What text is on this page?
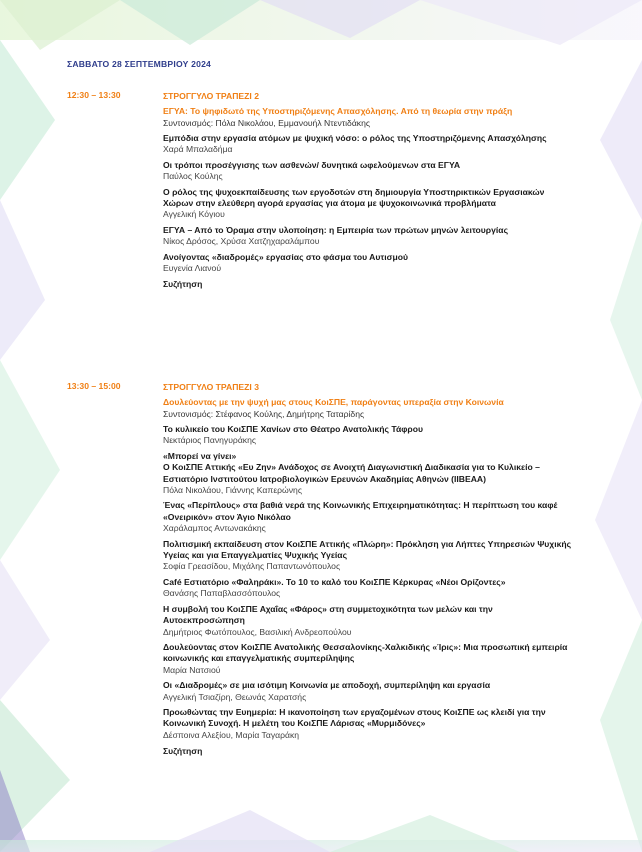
ΣΑΒΒΑΤΟ 28 ΣΕΠΤΕΜΒΡΙΟΥ 2024
12:30 – 13:30	ΣΤΡΟΓΓΥΛΟ ΤΡΑΠΕΖΙ 2
ΕΓΥΑ: Το ψηφιδωτό της Υποστηριζόμενης Απασχόλησης. Από τη θεωρία στην πράξη
Συντονισμός: Πόλα Νικολάου, Εμμανουήλ Ντεντιδάκης
Εμπόδια στην εργασία ατόμων με ψυχική νόσο: ο ρόλος της Υποστηριζόμενης Απασχόλησης
Χαρά Μπαλαδήμα
Οι τρόποι προσέγγισης των ασθενών/ δυνητικά ωφελούμενων στα ΕΓΥΑ
Παύλος Κούλης
Ο ρόλος της ψυχοεκπαίδευσης των εργοδοτών στη δημιουργία Υποστηρικτικών Εργασιακών Χώρων στην ελεύθερη αγορά εργασίας για άτομα με ψυχοκοινωνικά προβλήματα
Αγγελική Κόγιου
ΕΓΥΑ – Από το Όραμα στην υλοποίηση: η Εμπειρία των πρώτων μηνών λειτουργίας
Νίκος Δρόσος, Χρύσα Χατζηχαραλάμπου
Ανοίγοντας «διαδρομές» εργασίας στο φάσμα του Αυτισμού
Ευγενία Λιανού
Συζήτηση
13:30 – 15:00	ΣΤΡΟΓΓΥΛΟ ΤΡΑΠΕΖΙ 3
Δουλεύοντας με την ψυχή μας στους ΚοιΣΠΕ, παράγοντας υπεραξία στην Κοινωνία
Συντονισμός: Στέφανος Κούλης, Δημήτρης Ταταρίδης
Το κυλικείο του ΚοιΣΠΕ Χανίων στο Θέατρο Ανατολικής Τάφρου
Νεκτάριος Πανηγυράκης
«Μπορεί να γίνει»
Ο ΚοιΣΠΕ Αττικής «Ευ Ζην» Ανάδοχος σε Ανοιχτή Διαγωνιστική Διαδικασία για το Κυλικείο – Εστιατόριο Ινστιτούτου Ιατροβιολογικών Ερευνών Ακαδημίας Αθηνών (ΙΙΒΕΑΑ)
Πόλα Νικολάου, Γιάννης Καπερώνης
Ένας «Περίπλους» στα βαθιά νερά της Κοινωνικής Επιχειρηματικότητας: Η περίπτωση του καφέ «Ονειρικόν» στον Άγιο Νικόλαο
Χαράλαμπος Αντωνακάκης
Πολιτισμική εκπαίδευση στον ΚοιΣΠΕ Αττικής «Πλώρη»: Πρόκληση για Λήπτες Υπηρεσιών Ψυχικής Υγείας και για Επαγγελματίες Ψυχικής Υγείας
Σοφία Γρεασίδου, Μιχάλης Παπαντωνόπουλος
Café Εστιατόριο «Φαληράκι». Το 10 το καλό του ΚοιΣΠΕ Κέρκυρας «Νέοι Ορίζοντες»
Θανάσης Παπαβλασσόπουλος
Η συμβολή του ΚοιΣΠΕ Αχαΐας «Φάρος» στη συμμετοχικότητα των μελών και την Αυτοεκπροσώπηση
Δημήτριος Φωτόπουλος, Βασιλική Ανδρεοπούλου
Δουλεύοντας στον ΚοιΣΠΕ Ανατολικής Θεσσαλονίκης-Χαλκιδικής «Ίρις»: Μια προσωπική εμπειρία κοινωνικής και επαγγελματικής συμπερίληψης
Μαρία Νατσιού
Οι «Διαδρομές» σε μια ισότιμη Κοινωνία με αποδοχή, συμπερίληψη και εργασία
Αγγελική Τσιαζίρη, Θεωνάς Χαρατσής
Προωθώντας την Ευημερία: Η ικανοποίηση των εργαζομένων στους ΚοιΣΠΕ ως κλειδί για την Κοινωνική Συνοχή. Η μελέτη του ΚοιΣΠΕ Λάρισας «Μυρμιδόνες»
Δέσποινα Αλεξίου, Μαρία Ταγαράκη
Συζήτηση
